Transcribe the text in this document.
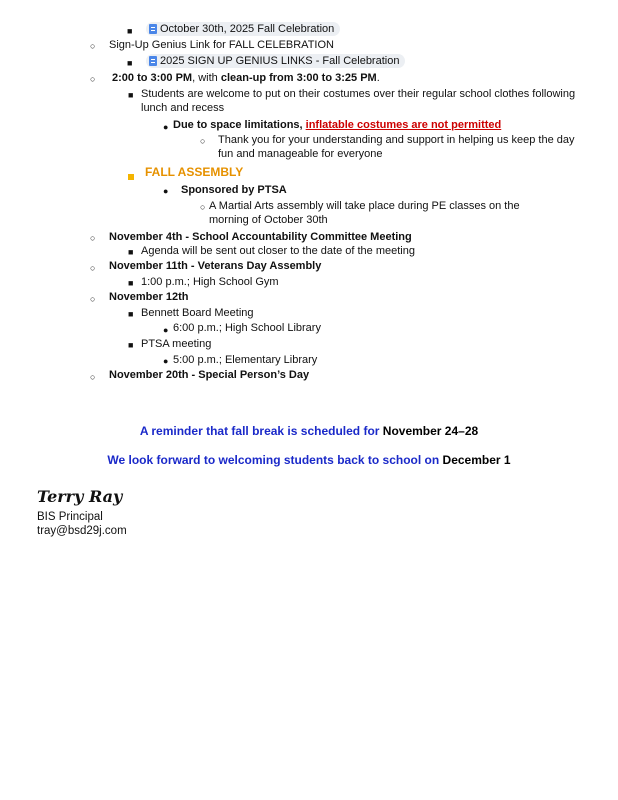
■	October 30th, 2025 Fall Celebration
○ Sign-Up Genius Link for FALL CELEBRATION
■	2025 SIGN UP GENIUS LINKS - Fall Celebration
○ 2:00 to 3:00 PM, with clean-up from 3:00 to 3:25 PM.
■ Students are welcome to put on their costumes over their regular school clothes following lunch and recess
● Due to space limitations, inflatable costumes are not permitted
○ Thank you for your understanding and support in helping us keep the day fun and manageable for everyone
FALL ASSEMBLY
● Sponsored by PTSA
○ A Martial Arts assembly will take place during PE classes on the morning of October 30th
○ November 4th - School Accountability Committee Meeting
■ Agenda will be sent out closer to the date of the meeting
○ November 11th - Veterans Day Assembly
■ 1:00 p.m.; High School Gym
○ November 12th
■ Bennett Board Meeting
● 6:00 p.m.; High School Library
■ PTSA meeting
● 5:00 p.m.; Elementary Library
○ November 20th - Special Person’s Day
A reminder that fall break is scheduled for November 24–28
We look forward to welcoming students back to school on December 1
Terry Ray
BIS Principal
tray@bsd29j.com
